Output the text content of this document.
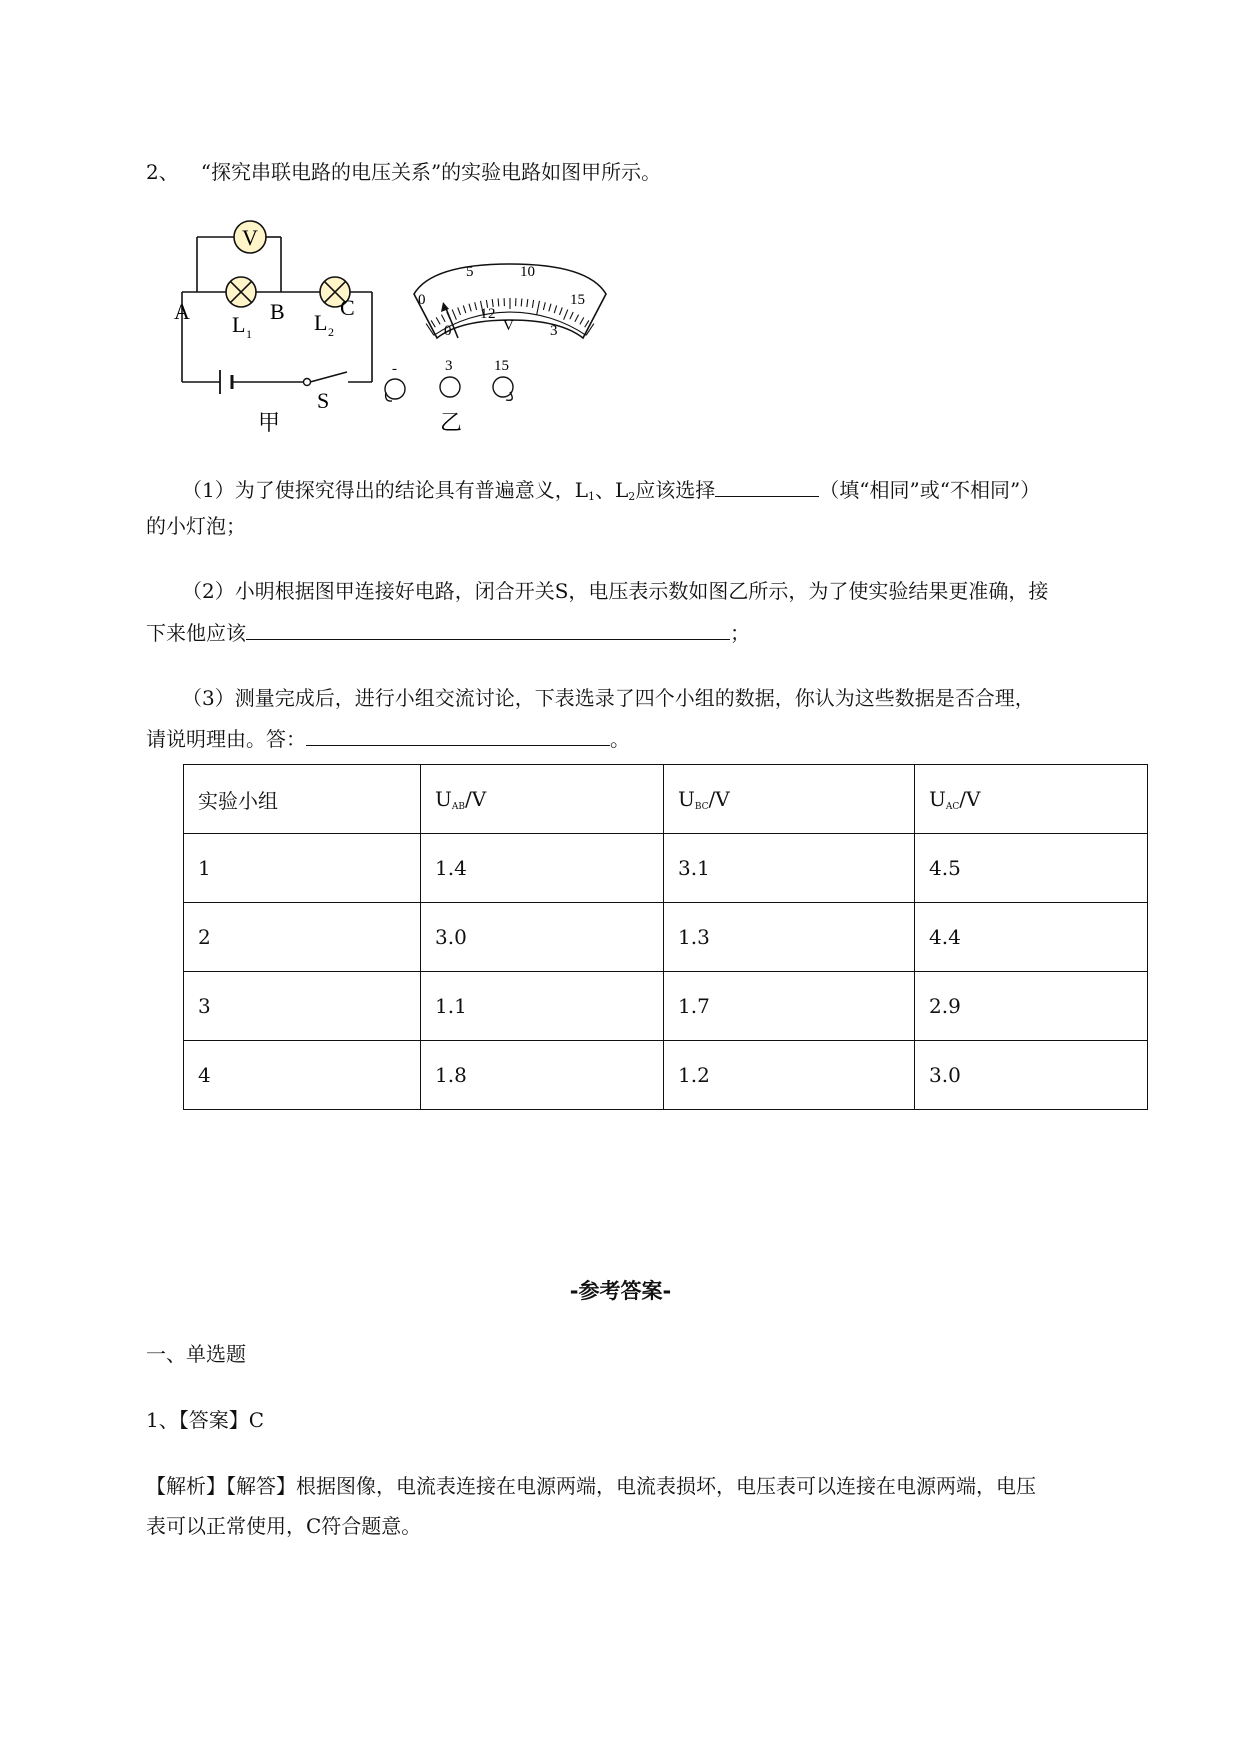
2、 “探究串联电路的电压关系”的实验电路如图甲所示。
V
A	B	C
L 1	L 2
S
甲
0
5	10
15
0
1 2
3
V
-	3	15
乙
（1）为了使探究得出的结论具有普遍意义，$L_1$、$L_2$应该选择	（填“相同”或“不相同”）
的小灯泡；
（2）小明根据图甲连接好电路，闭合开关S，电压表示数如图乙所示，为了使实验结果更准确，接
下来他应该	；
（3）测量完成后，进行小组交流讨论，下表选录了四个小组的数据，你认为这些数据是否合理，
请说明理由。答：	。
实验小组	$U_{AB}/V$	$U_{BC}/V$	$U_{AC}/V$
1	1.4	3.1	4.5
2	3.0	1.3	4.4
3	1.1	1.7	2.9
4	1.8	1.2	3.0
-参考答案-
一、单选题
1、【答案】C
【解析】【解答】根据图像，电流表连接在电源两端，电流表损坏，电压表可以连接在电源两端，电压
表可以正常使用，C符合题意。
